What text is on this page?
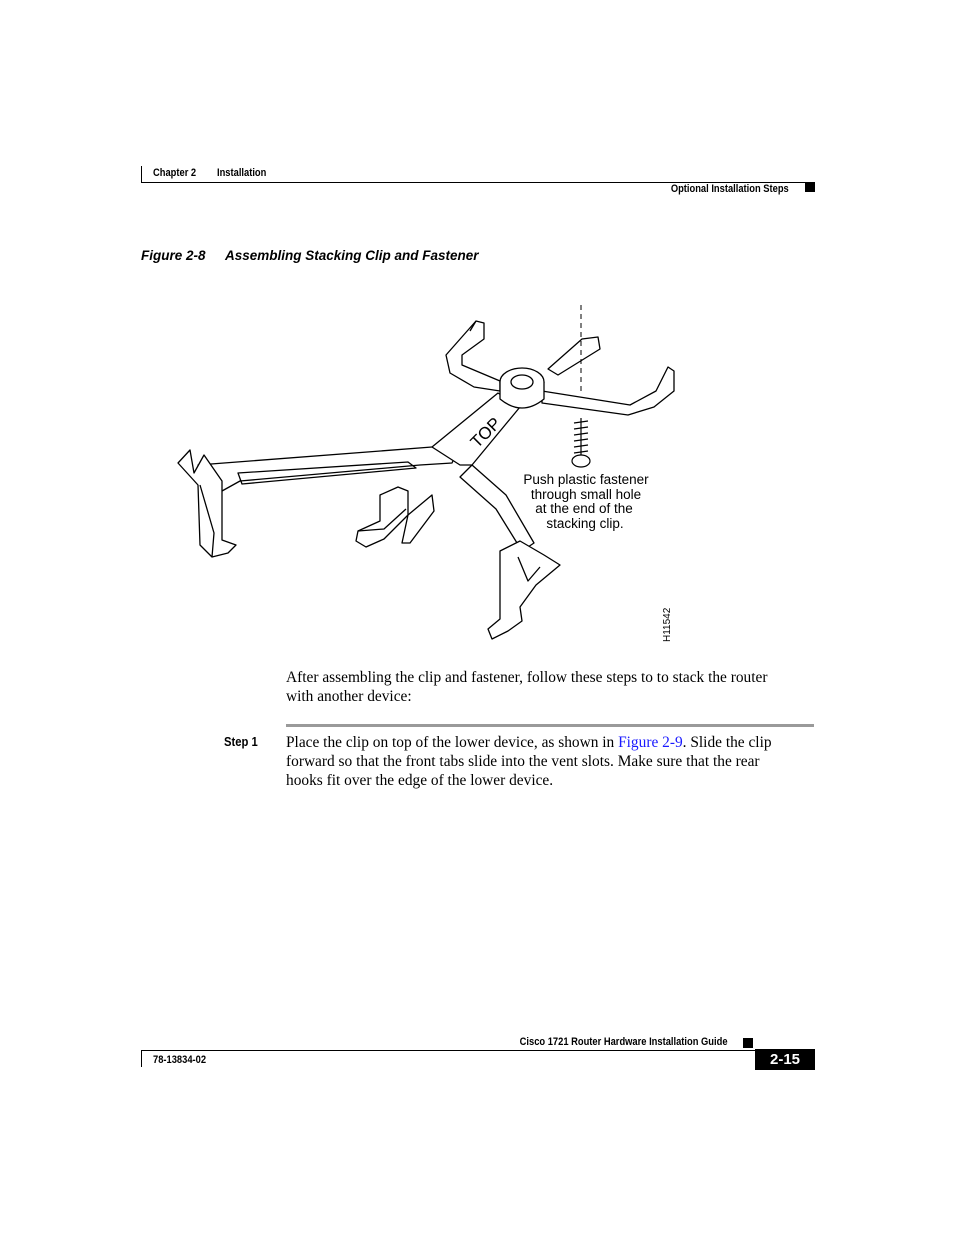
Chapter 2 Installation
Optional Installation Steps
Figure 2-8 Assembling Stacking Clip and Fastener
TOP
Push plastic fastener
through small hole
at the end of the
stacking clip.
H11542
After assembling the clip and fastener, follow these steps to to stack the router
with another device:
Step 1 Place the clip on top of the lower device, as shown in Figure 2-9. Slide the clip
forward so that the front tabs slide into the vent slots. Make sure that the rear
hooks fit over the edge of the lower device.
Cisco 1721 Router Hardware Installation Guide
78-13834-02	2-15
